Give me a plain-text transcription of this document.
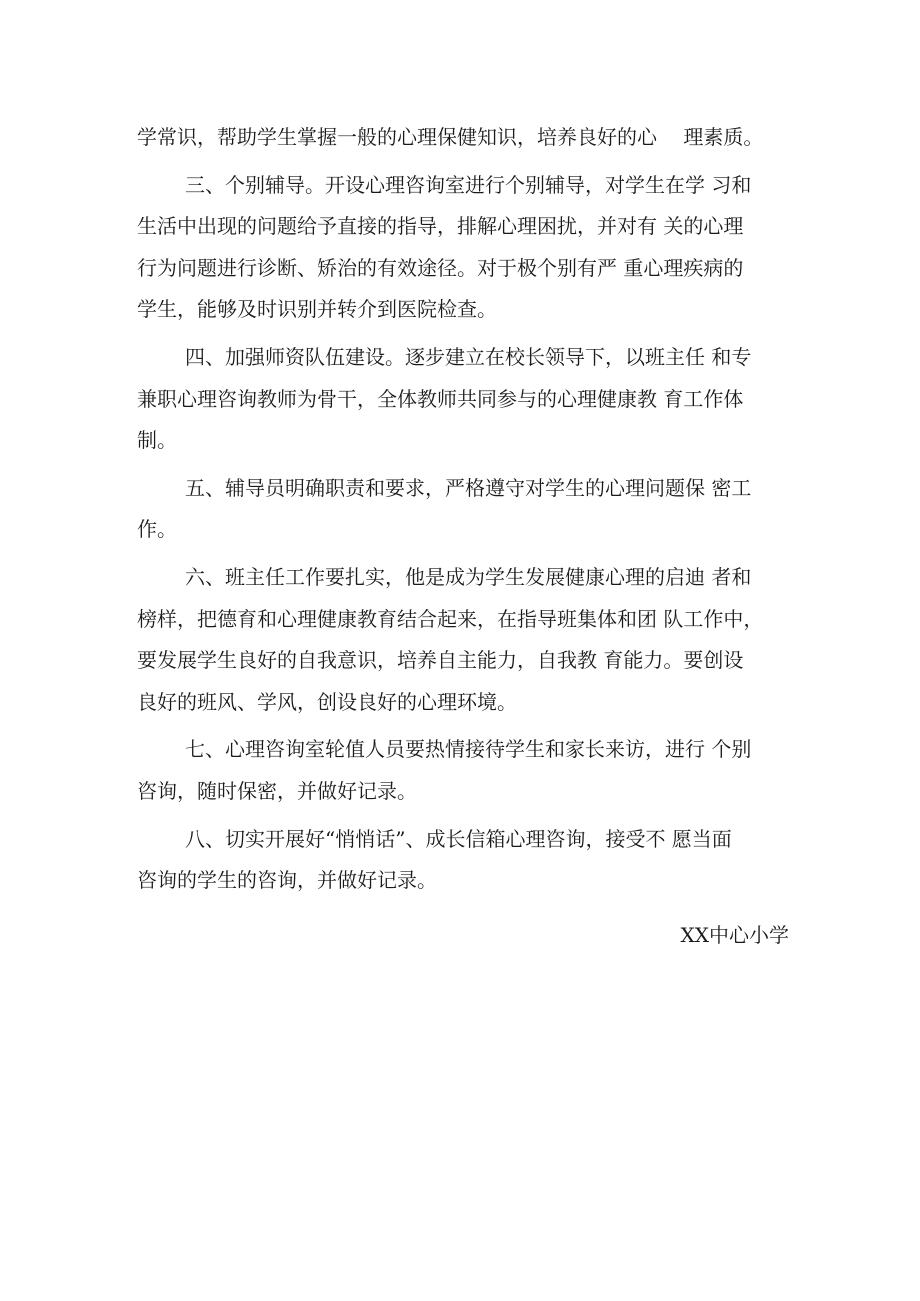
学常识，帮助学生掌握一般的心理保健知识，培养良好的心　 理素质。
三、个别辅导。开设心理咨询室进行个别辅导，对学生在学 习和
生活中出现的问题给予直接的指导，排解心理困扰，并对有 关的心理
行为问题进行诊断、矫治的有效途径。对于极个别有严 重心理疾病的
学生，能够及时识别并转介到医院检查。
四、加强师资队伍建设。逐步建立在校长领导下，以班主任 和专
兼职心理咨询教师为骨干，全体教师共同参与的心理健康教 育工作体
制。
五、辅导员明确职责和要求，严格遵守对学生的心理问题保 密工
作。
六、班主任工作要扎实，他是成为学生发展健康心理的启迪 者和
榜样，把德育和心理健康教育结合起来，在指导班集体和团 队工作中，
要发展学生良好的自我意识，培养自主能力，自我教 育能力。要创设
良好的班风、学风，创设良好的心理环境。
七、心理咨询室轮值人员要热情接待学生和家长来访，进行 个别
咨询，随时保密，并做好记录。
八、切实开展好“悄悄话”、成长信箱心理咨询，接受不 愿当面
咨询的学生的咨询，并做好记录。
XX中心小学
